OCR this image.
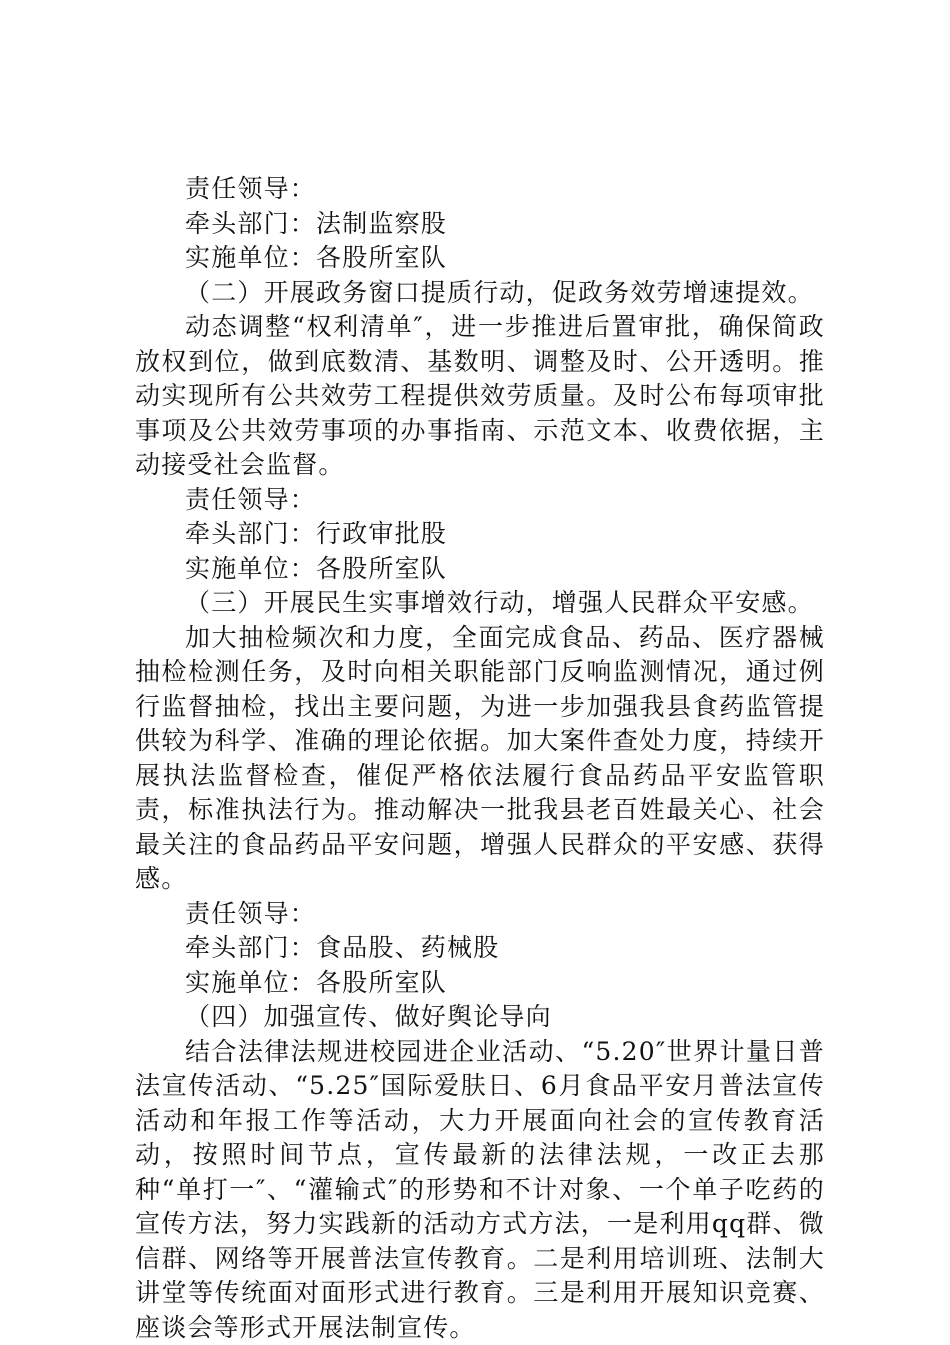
责任领导：

牵头部门：法制监察股

实施单位：各股所室队

（二）开展政务窗口提质行动，促政务效劳增速提效。

动态调整“权利清单″，进一步推进后置审批，确保简政放权到位，做到底数清、基数明、调整及时、公开透明。推动实现所有公共效劳工程提供效劳质量。及时公布每项审批事项及公共效劳事项的办事指南、示范文本、收费依据，主动接受社会监督。

责任领导：

牵头部门：行政审批股

实施单位：各股所室队

（三）开展民生实事增效行动，增强人民群众平安感。

加大抽检频次和力度，全面完成食品、药品、医疗器械抽检检测任务，及时向相关职能部门反响监测情况，通过例行监督抽检，找出主要问题，为进一步加强我县食药监管提供较为科学、准确的理论依据。加大案件查处力度，持续开展执法监督检查，催促严格依法履行食品药品平安监管职责，标准执法行为。推动解决一批我县老百姓最关心、社会最关注的食品药品平安问题，增强人民群众的平安感、获得感。

责任领导：

牵头部门：食品股、药械股

实施单位：各股所室队

（四）加强宣传、做好舆论导向

结合法律法规进校园进企业活动、“5.20″世界计量日普法宣传活动、“5.25″国际爱肤日、6月食品平安月普法宣传活动和年报工作等活动，大力开展面向社会的宣传教育活动，按照时间节点，宣传最新的法律法规，一改正去那种“单打一″、“灌输式″的形势和不计对象、一个单子吃药的宣传方法，努力实践新的活动方式方法，一是利用qq群、微信群、网络等开展普法宣传教育。二是利用培训班、法制大讲堂等传统面对面形式进行教育。三是利用开展知识竞赛、座谈会等形式开展法制宣传。
